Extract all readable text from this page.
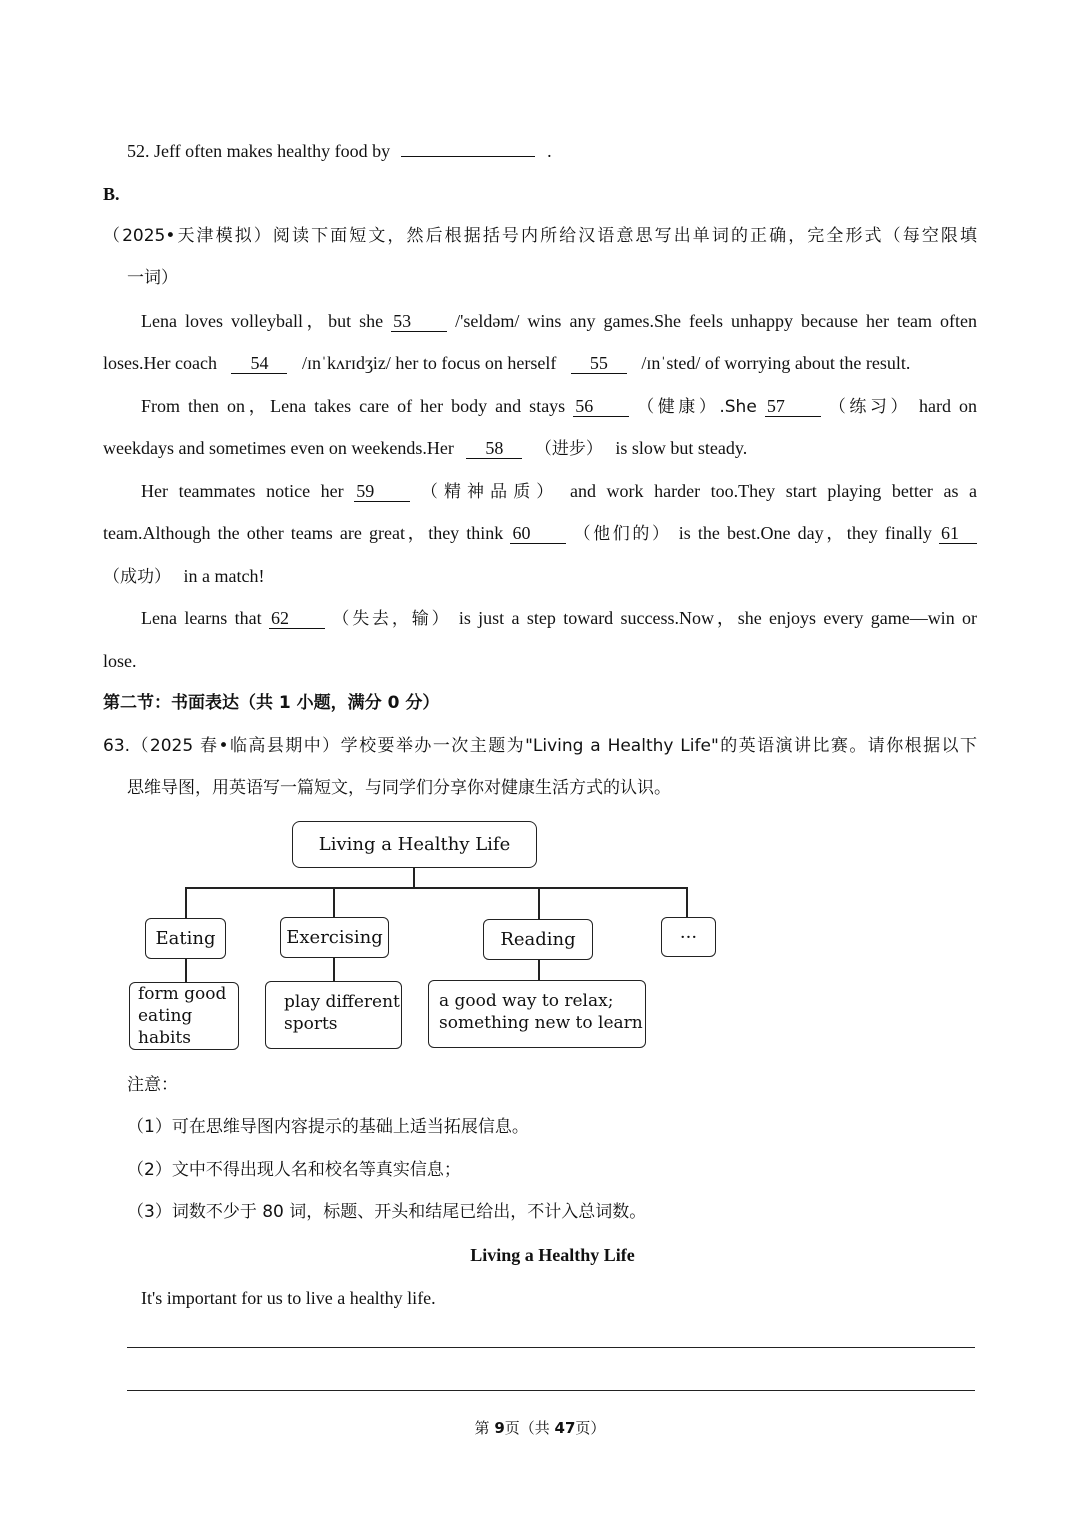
52. Jeff often makes healthy food by	.
B.
（2025•天津模拟）阅读下面短文，然后根据括号内所给汉语意思写出单词的正确，完全形式（每空限填
一词）
Lena loves volleyball，but she 53 /'seldəm/ wins any games.She feels unhappy because her team often
loses.Her coach 54 /ɪnˈkʌrɪdʒiz/ her to focus on herself 55 /ɪnˈsted/ of worrying about the result.
From then on，Lena takes care of her body and stays 56	（健康）.She 57	（练习） hard on
weekdays and sometimes even on weekends.Her 58 （进步） is slow but steady.
Her teammates notice her 59	（精神品质） and work harder too.They start playing better as a
team.Although the other teams are great，they think 60	（他们的） is the best.One day，they finally 61
（成功） in a match!
Lena learns that 62	（失去，输） is just a step toward success.Now，she enjoys every game—win or
lose.
第二节：书面表达（共 1 小题，满分 0 分）
63.（2025 春•临高县期中）学校要举办一次主题为"Living a Healthy Life"的英语演讲比赛。请你根据以下
思维导图，用英语写一篇短文，与同学们分享你对健康生活方式的认识。
Living a Healthy Life
Eating	Exercising	Reading	···
form good
eating habits
play different
sports
a good way to relax;
something new to learn
注意：
（1）可在思维导图内容提示的基础上适当拓展信息。
（2）文中不得出现人名和校名等真实信息；
（3）词数不少于 80 词，标题、开头和结尾已给出，不计入总词数。
Living a Healthy Life
It's important for us to live a healthy life.
第 9页（共 47页）
